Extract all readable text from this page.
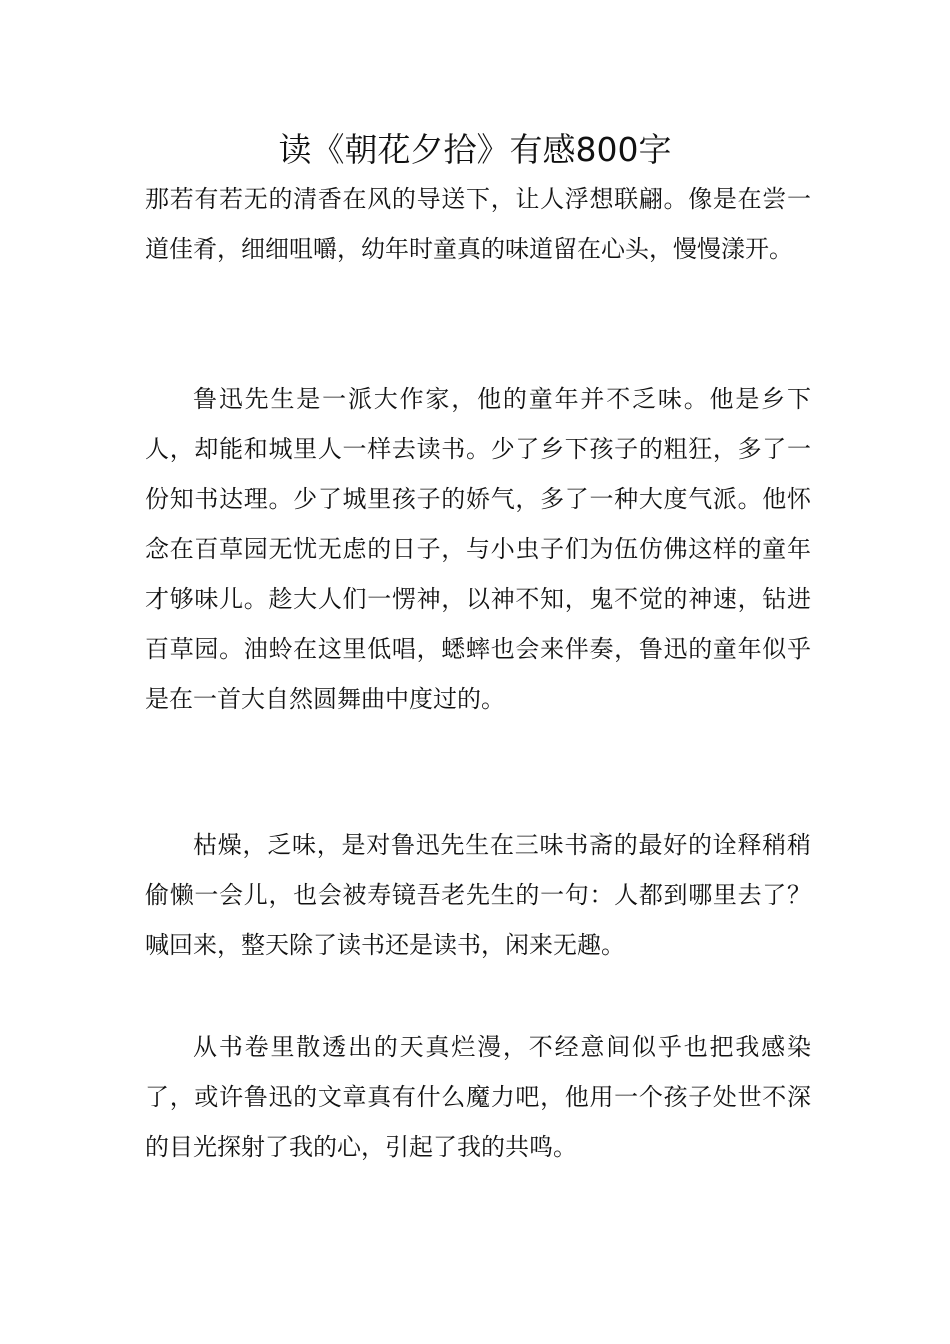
读《朝花夕拾》有感800字

那若有若无的清香在风的导送下，让人浮想联翩。像是在尝一道佳肴，细细咀嚼，幼年时童真的味道留在心头，慢慢漾开。

鲁迅先生是一派大作家，他的童年并不乏味。他是乡下人，却能和城里人一样去读书。少了乡下孩子的粗狂，多了一份知书达理。少了城里孩子的娇气，多了一种大度气派。他怀念在百草园无忧无虑的日子，与小虫子们为伍仿佛这样的童年才够味儿。趁大人们一愣神，以神不知，鬼不觉的神速，钻进百草园。油蛉在这里低唱，蟋蟀也会来伴奏，鲁迅的童年似乎是在一首大自然圆舞曲中度过的。

枯燥，乏味，是对鲁迅先生在三味书斋的最好的诠释稍稍偷懒一会儿，也会被寿镜吾老先生的一句：人都到哪里去了？喊回来，整天除了读书还是读书，闲来无趣。

从书卷里散透出的天真烂漫，不经意间似乎也把我感染了，或许鲁迅的文章真有什么魔力吧，他用一个孩子处世不深的目光探射了我的心，引起了我的共鸣。
